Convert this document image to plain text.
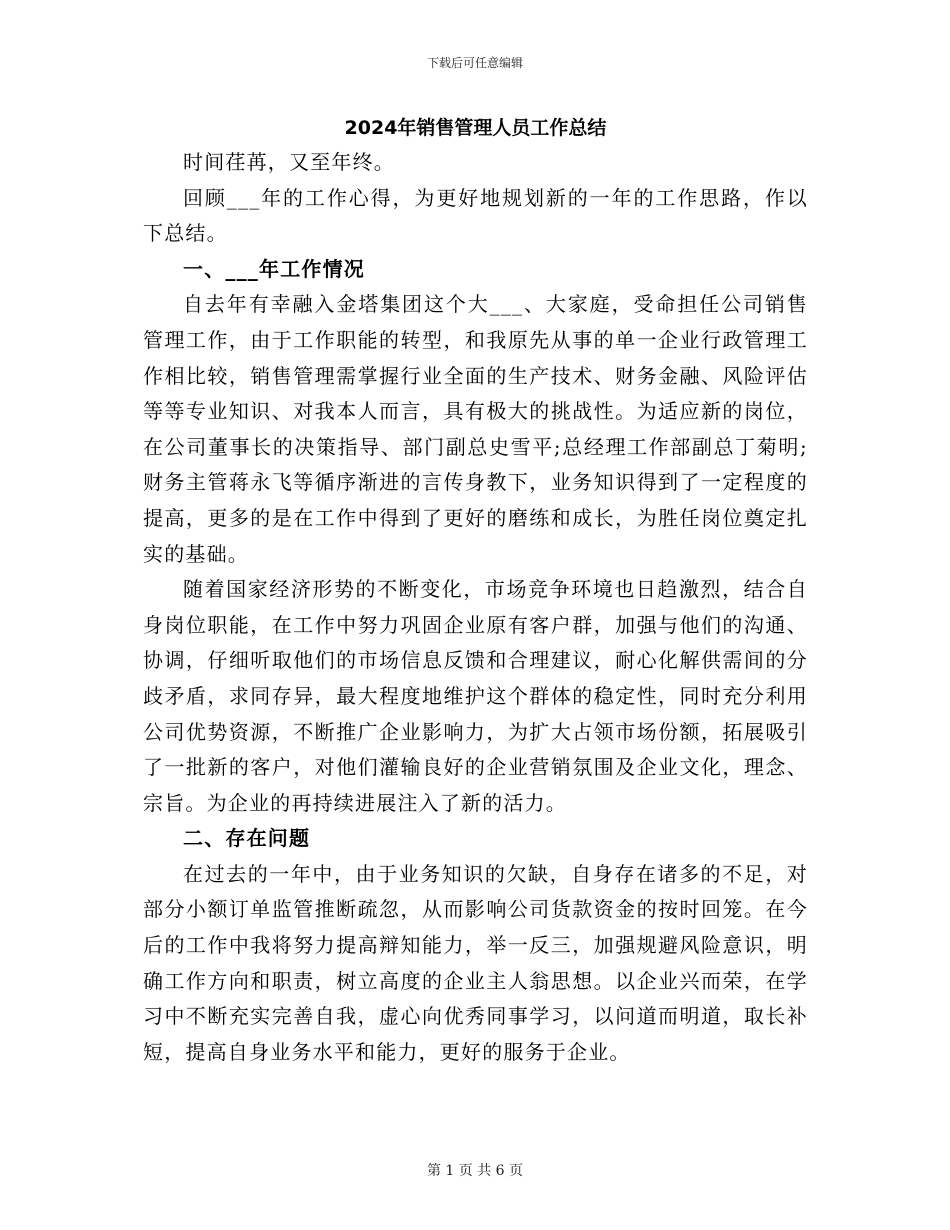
下载后可任意编辑
2024年销售管理人员工作总结

时间荏苒，又至年终。

回顾___年的工作心得，为更好地规划新的一年的工作思路，作以下总结。

一、___年工作情况

自去年有幸融入金塔集团这个大___、大家庭，受命担任公司销售管理工作，由于工作职能的转型，和我原先从事的单一企业行政管理工作相比较，销售管理需掌握行业全面的生产技术、财务金融、风险评估等等专业知识、对我本人而言，具有极大的挑战性。为适应新的岗位，在公司董事长的决策指导、部门副总史雪平;总经理工作部副总丁菊明;财务主管蒋永飞等循序渐进的言传身教下，业务知识得到了一定程度的提高，更多的是在工作中得到了更好的磨练和成长，为胜任岗位奠定扎实的基础。

随着国家经济形势的不断变化，市场竞争环境也日趋激烈，结合自身岗位职能，在工作中努力巩固企业原有客户群，加强与他们的沟通、协调，仔细听取他们的市场信息反馈和合理建议，耐心化解供需间的分歧矛盾，求同存异，最大程度地维护这个群体的稳定性，同时充分利用公司优势资源，不断推广企业影响力，为扩大占领市场份额，拓展吸引了一批新的客户，对他们灌输良好的企业营销氛围及企业文化，理念、宗旨。为企业的再持续进展注入了新的活力。

二、存在问题

在过去的一年中，由于业务知识的欠缺，自身存在诸多的不足，对部分小额订单监管推断疏忽，从而影响公司货款资金的按时回笼。在今后的工作中我将努力提高辩知能力，举一反三，加强规避风险意识，明确工作方向和职责，树立高度的企业主人翁思想。以企业兴而荣，在学习中不断充实完善自我，虚心向优秀同事学习，以问道而明道，取长补短，提高自身业务水平和能力，更好的服务于企业。

第 1 页 共 6 页
